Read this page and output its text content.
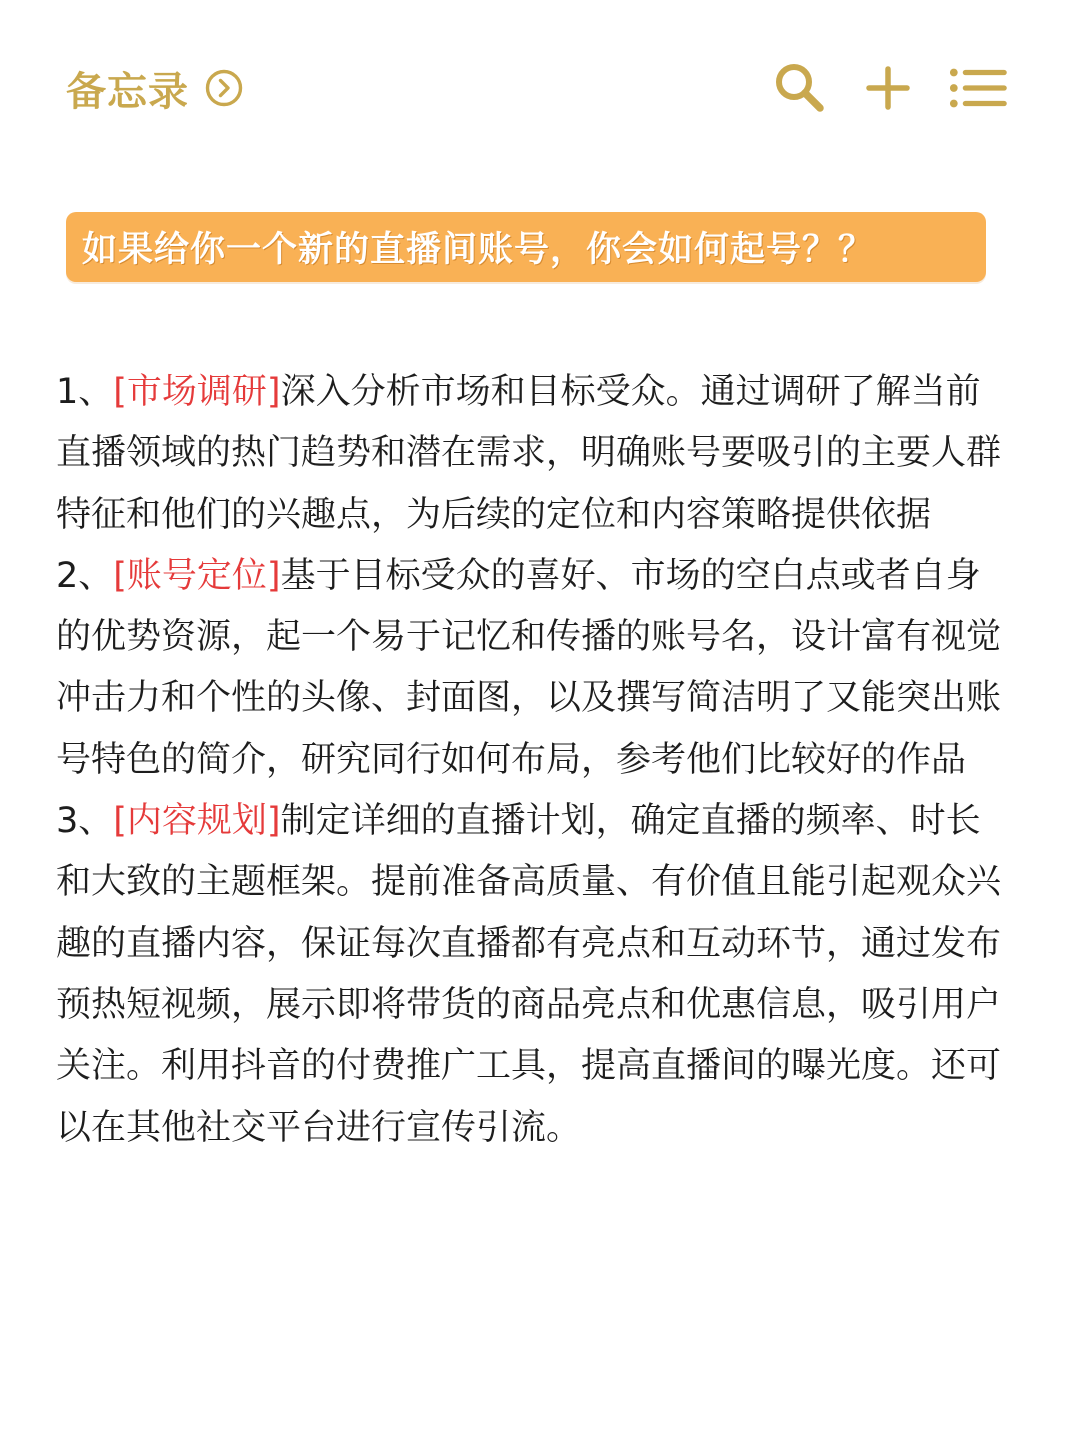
备忘录
如果给你一个新的直播间账号，你会如何起号？？

1、[市场调研]深入分析市场和目标受众。通过调研了解当前直播领域的热门趋势和潜在需求，明确账号要吸引的主要人群特征和他们的兴趣点，为后续的定位和内容策略提供依据

2、[账号定位]基于目标受众的喜好、市场的空白点或者自身的优势资源，起一个易于记忆和传播的账号名，设计富有视觉冲击力和个性的头像、封面图，以及撰写简洁明了又能突出账号特色的简介，研究同行如何布局，参考他们比较好的作品

3、[内容规划]制定详细的直播计划，确定直播的频率、时长和大致的主题框架。提前准备高质量、有价值且能引起观众兴趣的直播内容，保证每次直播都有亮点和互动环节，通过发布预热短视频，展示即将带货的商品亮点和优惠信息，吸引用户关注。利用抖音的付费推广工具，提高直播间的曝光度。还可以在其他社交平台进行宣传引流。
